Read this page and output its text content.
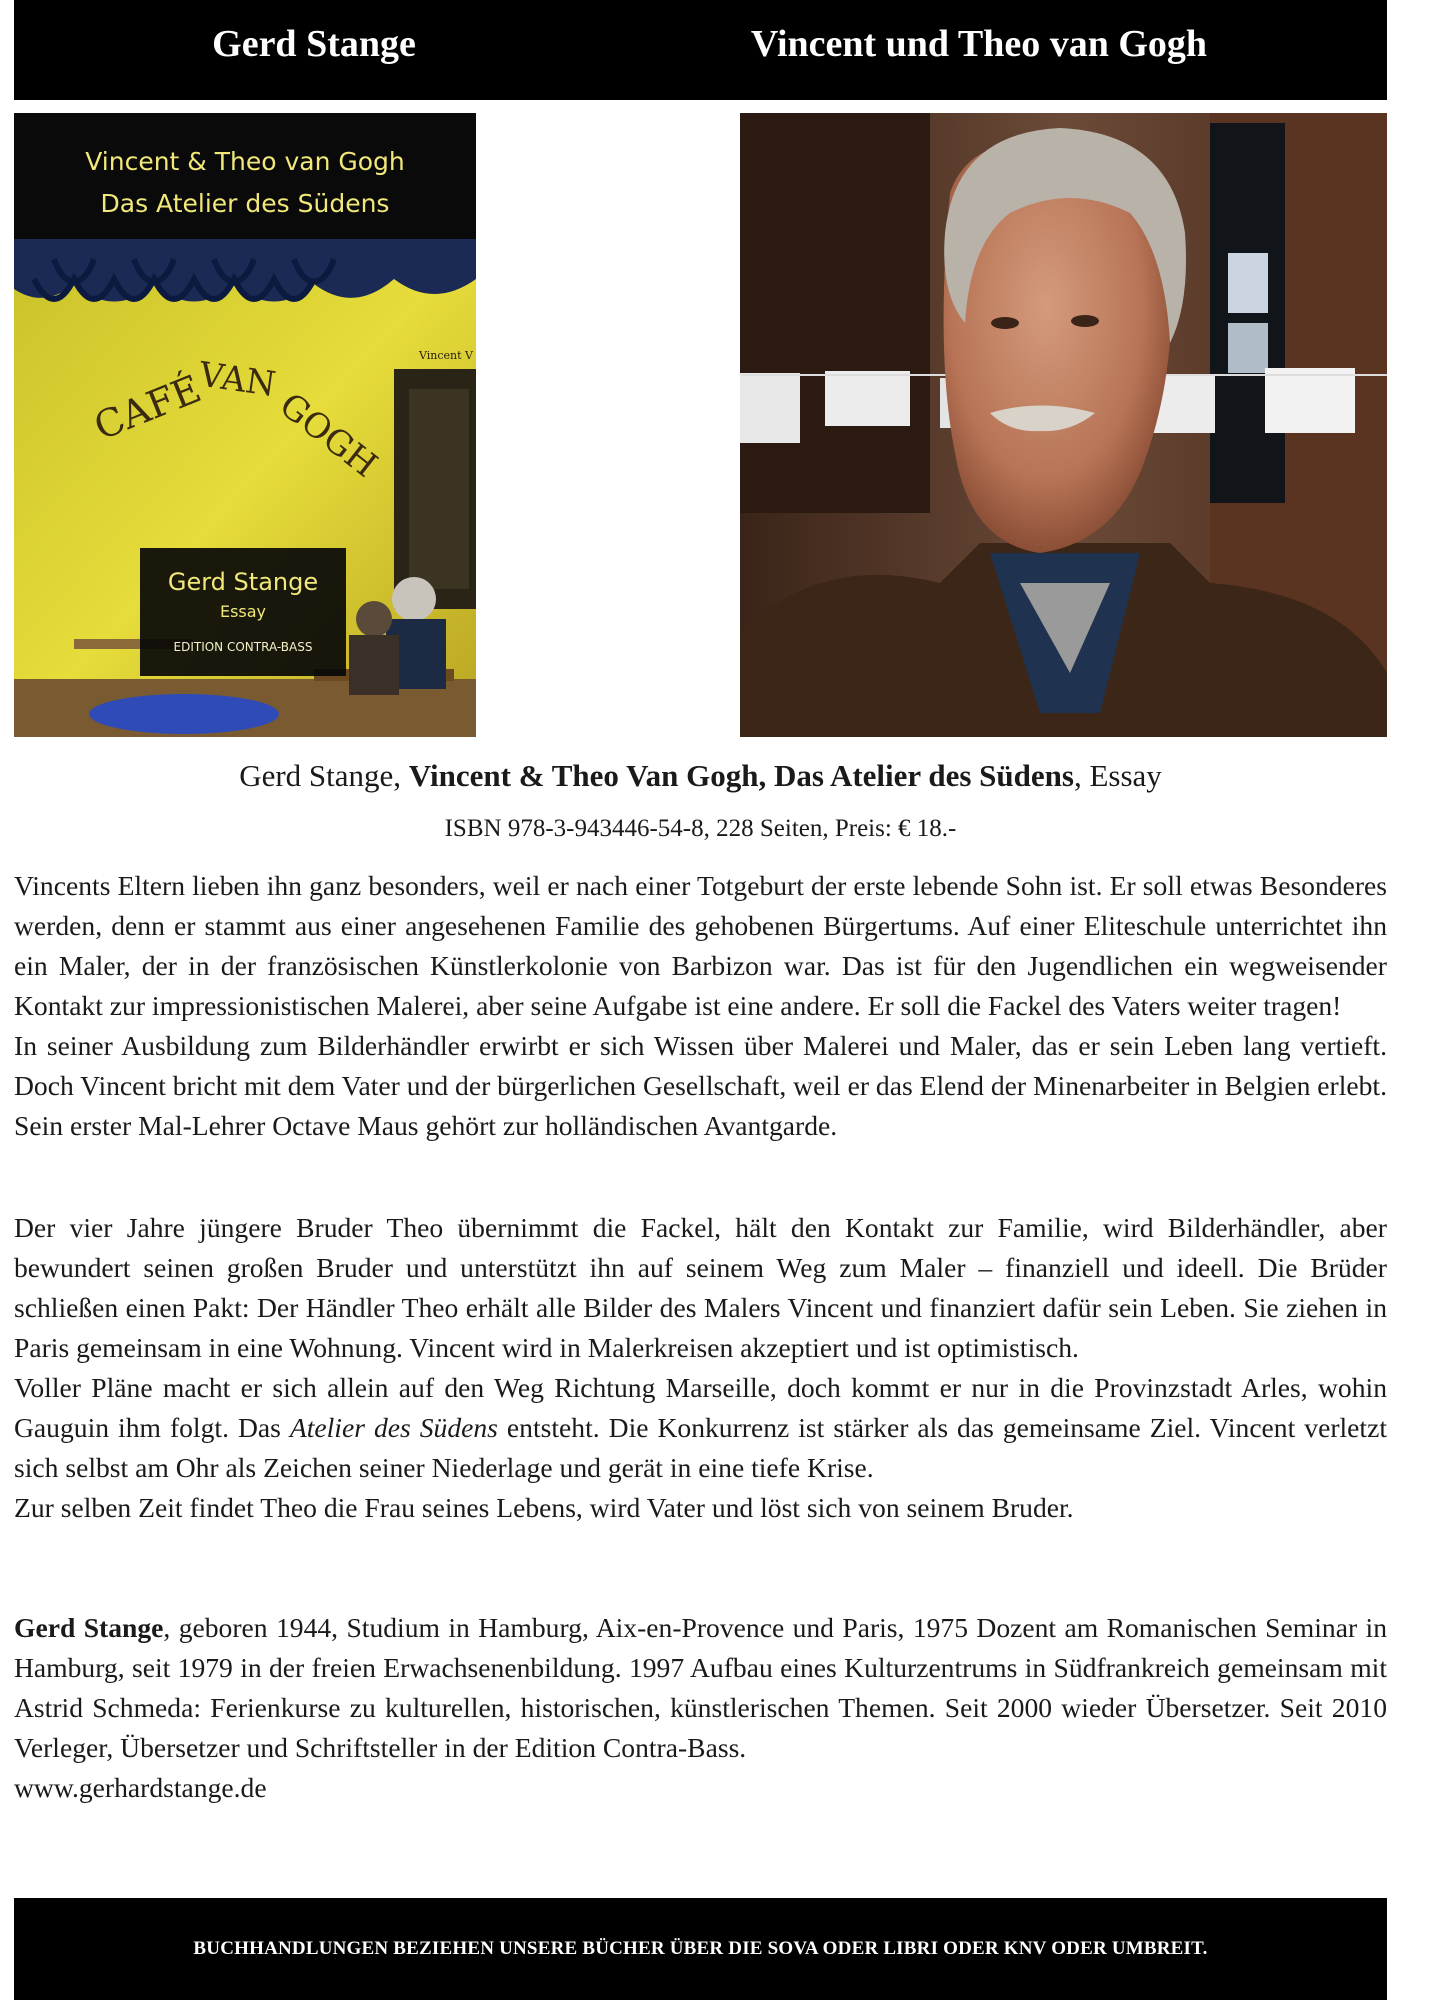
Gerd Stange	Vincent und Theo van Gogh
Vincent & Theo van Gogh
Das Atelier des Südens
CAFÉ
VAN
GOGH
Vincent V
Gerd Stange
Essay
EDITION CONTRA-BASS
Gerd Stange, Vincent & Theo Van Gogh, Das Atelier des Südens, Essay
ISBN 978-3-943446-54-8, 228 Seiten, Preis: € 18.-

Vincents Eltern lieben ihn ganz besonders, weil er nach einer Totgeburt der erste lebende Sohn ist. Er soll etwas Besonderes werden, denn er stammt aus einer angesehenen Familie des gehobenen Bürgertums. Auf einer Eliteschule unterrichtet ihn ein Maler, der in der französischen Künstlerkolonie von Barbizon war. Das ist für den Jugendlichen ein wegweisender Kontakt zur impressionistischen Malerei, aber seine Aufgabe ist eine andere. Er soll die Fackel des Vaters weiter tragen!

In seiner Ausbildung zum Bilderhändler erwirbt er sich Wissen über Malerei und Maler, das er sein Leben lang vertieft. Doch Vincent bricht mit dem Vater und der bürgerlichen Gesellschaft, weil er das Elend der Minenarbeiter in Belgien erlebt. Sein erster Mal-Lehrer Octave Maus gehört zur holländischen Avantgarde.

Der vier Jahre jüngere Bruder Theo übernimmt die Fackel, hält den Kontakt zur Familie, wird Bilderhändler, aber bewundert seinen großen Bruder und unterstützt ihn auf seinem Weg zum Maler – finanziell und ideell. Die Brüder schließen einen Pakt: Der Händler Theo erhält alle Bilder des Malers Vincent und finanziert dafür sein Leben. Sie ziehen in Paris gemeinsam in eine Wohnung. Vincent wird in Malerkreisen akzeptiert und ist optimistisch.

Voller Pläne macht er sich allein auf den Weg Richtung Marseille, doch kommt er nur in die Provinzstadt Arles, wohin Gauguin ihm folgt. Das Atelier des Südens entsteht. Die Konkurrenz ist stärker als das gemeinsame Ziel. Vincent verletzt sich selbst am Ohr als Zeichen seiner Niederlage und gerät in eine tiefe Krise.

Zur selben Zeit findet Theo die Frau seines Lebens, wird Vater und löst sich von seinem Bruder.

Gerd Stange, geboren 1944, Studium in Hamburg, Aix-en-Provence und Paris, 1975 Dozent am Romanischen Seminar in Hamburg, seit 1979 in der freien Erwachsenenbildung. 1997 Aufbau eines Kulturzentrums in Südfrankreich gemeinsam mit Astrid Schmeda: Ferienkurse zu kulturellen, historischen, künstlerischen Themen. Seit 2000 wieder Übersetzer. Seit 2010 Verleger, Übersetzer und Schriftsteller in der Edition Contra-Bass.

www.gerhardstange.de

BUCHHANDLUNGEN BEZIEHEN UNSERE BÜCHER ÜBER DIE SOVA ODER LIBRI ODER KNV ODER UMBREIT.
